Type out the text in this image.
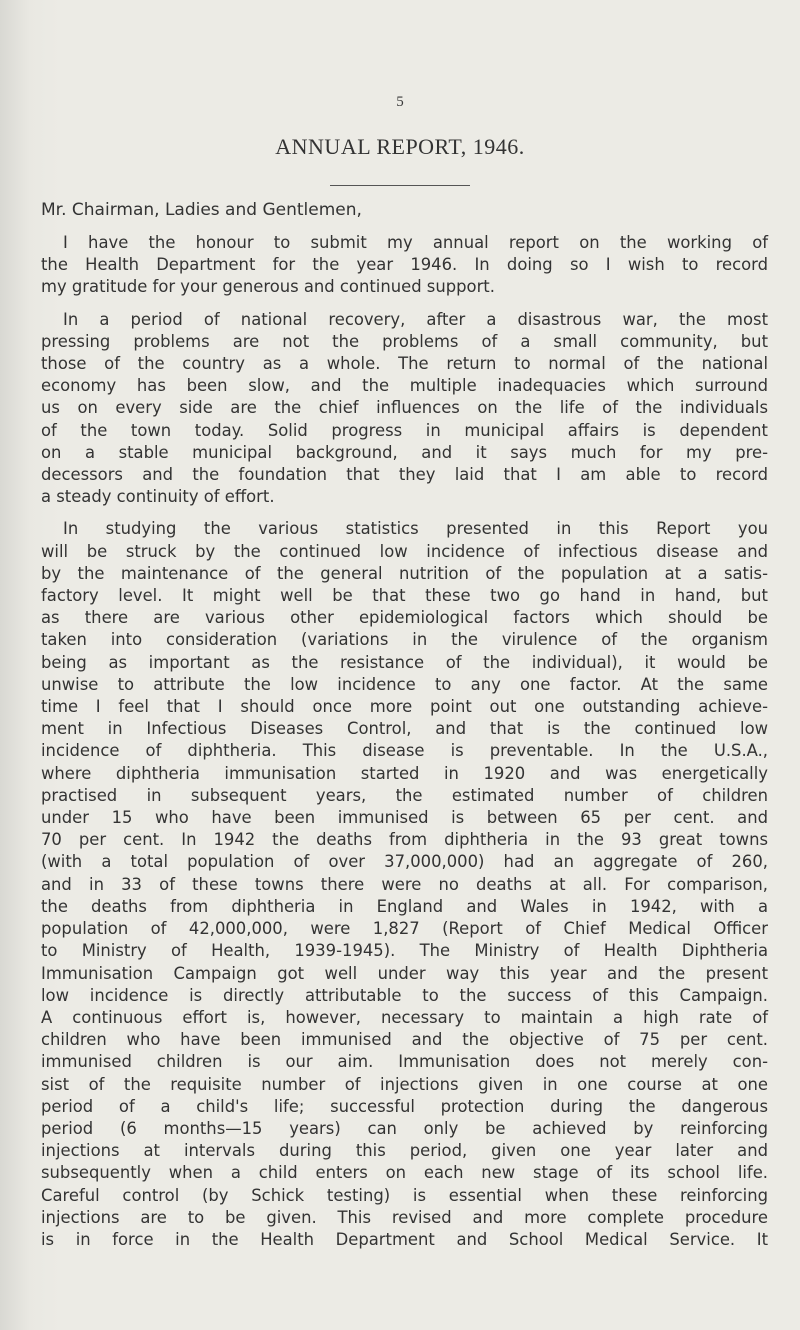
5
ANNUAL REPORT, 1946.
Mr. Chairman, Ladies and Gentlemen,

I have the honour to submit my annual report on the working of
the Health Department for the year 1946. In doing so I wish to record
my gratitude for your generous and continued support.

In a period of national recovery, after a disastrous war, the most
pressing problems are not the problems of a small community, but
those of the country as a whole. The return to normal of the national
economy has been slow, and the multiple inadequacies which surround
us on every side are the chief influences on the life of the individuals
of the town today. Solid progress in municipal affairs is dependent
on a stable municipal background, and it says much for my pre-
decessors and the foundation that they laid that I am able to record
a steady continuity of effort.

In studying the various statistics presented in this Report you
will be struck by the continued low incidence of infectious disease and
by the maintenance of the general nutrition of the population at a satis-
factory level. It might well be that these two go hand in hand, but
as there are various other epidemiological factors which should be
taken into consideration (variations in the virulence of the organism
being as important as the resistance of the individual), it would be
unwise to attribute the low incidence to any one factor. At the same
time I feel that I should once more point out one outstanding achieve-
ment in Infectious Diseases Control, and that is the continued low
incidence of diphtheria. This disease is preventable. In the U.S.A.,
where diphtheria immunisation started in 1920 and was energetically
practised in subsequent years, the estimated number of children
under 15 who have been immunised is between 65 per cent. and
70 per cent. In 1942 the deaths from diphtheria in the 93 great towns
(with a total population of over 37,000,000) had an aggregate of 260,
and in 33 of these towns there were no deaths at all. For comparison,
the deaths from diphtheria in England and Wales in 1942, with a
population of 42,000,000, were 1,827 (Report of Chief Medical Officer
to Ministry of Health, 1939-1945). The Ministry of Health Diphtheria
Immunisation Campaign got well under way this year and the present
low incidence is directly attributable to the success of this Campaign.
A continuous effort is, however, necessary to maintain a high rate of
children who have been immunised and the objective of 75 per cent.
immunised children is our aim. Immunisation does not merely con-
sist of the requisite number of injections given in one course at one
period of a child's life; successful protection during the dangerous
period (6 months—15 years) can only be achieved by reinforcing
injections at intervals during this period, given one year later and
subsequently when a child enters on each new stage of its school life.
Careful control (by Schick testing) is essential when these reinforcing
injections are to be given. This revised and more complete procedure
is in force in the Health Department and School Medical Service. It
